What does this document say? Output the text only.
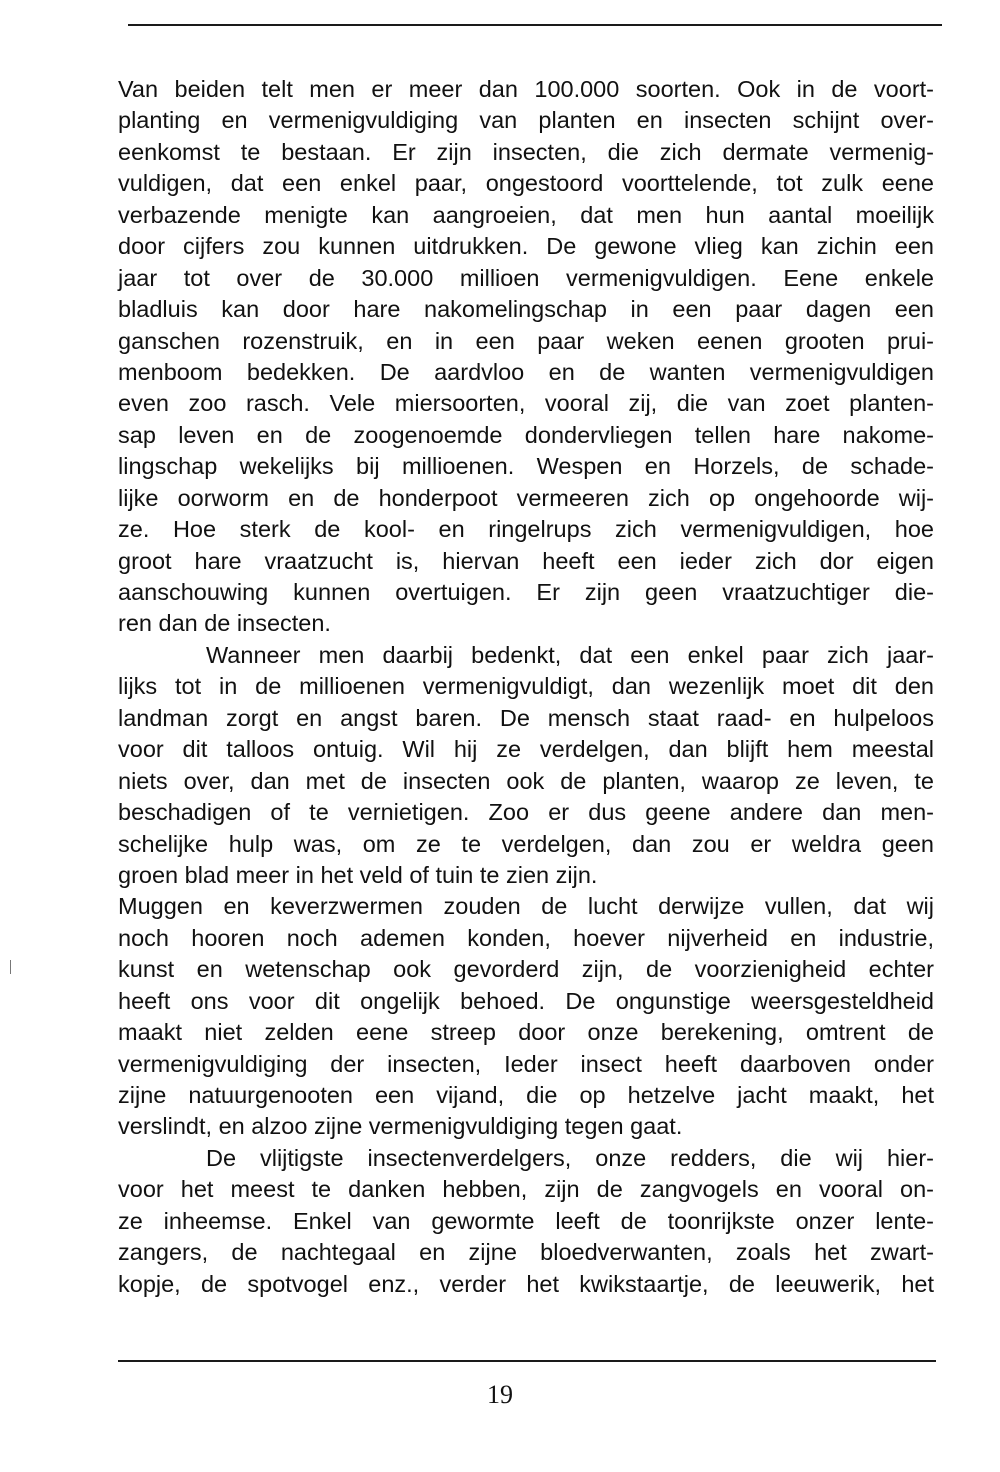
Van beiden telt men er meer dan 100.000 soorten. Ook in de voort-
planting en vermenigvuldiging van planten en insecten schijnt over-
eenkomst te bestaan. Er zijn insecten, die zich dermate vermenig-
vuldigen, dat een enkel paar, ongestoord voorttelende, tot zulk eene
verbazende menigte kan aangroeien, dat men hun aantal moeilijk
door cijfers zou kunnen uitdrukken. De gewone vlieg kan zichin een
jaar tot over de 30.000 millioen vermenigvuldigen. Eene enkele
bladluis kan door hare nakomelingschap in een paar dagen een
ganschen rozenstruik, en in een paar weken eenen grooten prui-
menboom bedekken. De aardvloo en de wanten vermenigvuldigen
even zoo rasch. Vele miersoorten, vooral zij, die van zoet planten-
sap leven en de zoogenoemde dondervliegen tellen hare nakome-
lingschap wekelijks bij millioenen. Wespen en Horzels, de schade-
lijke oorworm en de honderpoot vermeeren zich op ongehoorde wij-
ze. Hoe sterk de kool- en ringelrups zich vermenigvuldigen, hoe
groot hare vraatzucht is, hiervan heeft een ieder zich dor eigen
aanschouwing kunnen overtuigen. Er zijn geen vraatzuchtiger die-
ren dan de insecten.
Wanneer men daarbij bedenkt, dat een enkel paar zich jaar-
lijks tot in de millioenen vermenigvuldigt, dan wezenlijk moet dit den
landman zorgt en angst baren. De mensch staat raad- en hulpeloos
voor dit talloos ontuig. Wil hij ze verdelgen, dan blijft hem meestal
niets over, dan met de insecten ook de planten, waarop ze leven, te
beschadigen of te vernietigen. Zoo er dus geene andere dan men-
schelijke hulp was, om ze te verdelgen, dan zou er weldra geen
groen blad meer in het veld of tuin te zien zijn.
Muggen en keverzwermen zouden de lucht derwijze vullen, dat wij
noch hooren noch ademen konden, hoever nijverheid en industrie,
kunst en wetenschap ook gevorderd zijn, de voorzienigheid echter
heeft ons voor dit ongelijk behoed. De ongunstige weersgesteldheid
maakt niet zelden eene streep door onze berekening, omtrent de
vermenigvuldiging der insecten, Ieder insect heeft daarboven onder
zijne natuurgenooten een vijand, die op hetzelve jacht maakt, het
verslindt, en alzoo zijne vermenigvuldiging tegen gaat.
De vlijtigste insectenverdelgers, onze redders, die wij hier-
voor het meest te danken hebben, zijn de zangvogels en vooral on-
ze inheemse. Enkel van gewormte leeft de toonrijkste onzer lente-
zangers, de nachtegaal en zijne bloedverwanten, zoals het zwart-
kopje, de spotvogel enz., verder het kwikstaartje, de leeuwerik, het
19
